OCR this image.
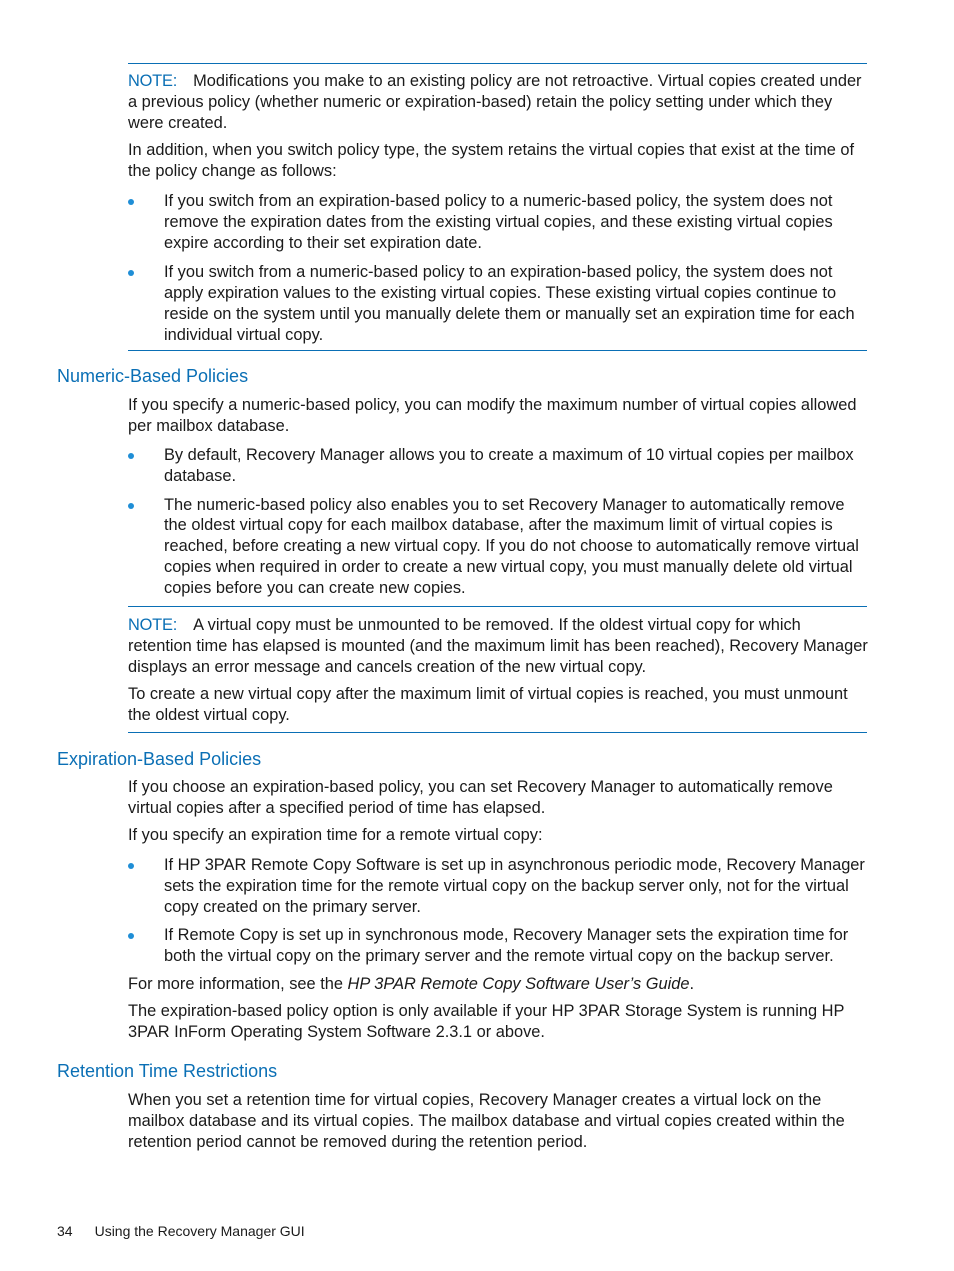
NOTE: Modifications you make to an existing policy are not retroactive. Virtual copies created under a previous policy (whether numeric or expiration-based) retain the policy setting under which they were created.

In addition, when you switch policy type, the system retains the virtual copies that exist at the time of the policy change as follows:

If you switch from an expiration-based policy to a numeric-based policy, the system does not remove the expiration dates from the existing virtual copies, and these existing virtual copies expire according to their set expiration date.
If you switch from a numeric-based policy to an expiration-based policy, the system does not apply expiration values to the existing virtual copies. These existing virtual copies continue to reside on the system until you manually delete them or manually set an expiration time for each individual virtual copy.
Numeric-Based Policies

If you specify a numeric-based policy, you can modify the maximum number of virtual copies allowed per mailbox database.

By default, Recovery Manager allows you to create a maximum of 10 virtual copies per mailbox database.
The numeric-based policy also enables you to set Recovery Manager to automatically remove the oldest virtual copy for each mailbox database, after the maximum limit of virtual copies is reached, before creating a new virtual copy. If you do not choose to automatically remove virtual copies when required in order to create a new virtual copy, you must manually delete old virtual copies before you can create new copies.

NOTE: A virtual copy must be unmounted to be removed. If the oldest virtual copy for which retention time has elapsed is mounted (and the maximum limit has been reached), Recovery Manager displays an error message and cancels creation of the new virtual copy.

To create a new virtual copy after the maximum limit of virtual copies is reached, you must unmount the oldest virtual copy.

Expiration-Based Policies

If you choose an expiration-based policy, you can set Recovery Manager to automatically remove virtual copies after a specified period of time has elapsed.

If you specify an expiration time for a remote virtual copy:

If HP 3PAR Remote Copy Software is set up in asynchronous periodic mode, Recovery Manager sets the expiration time for the remote virtual copy on the backup server only, not for the virtual copy created on the primary server.
If Remote Copy is set up in synchronous mode, Recovery Manager sets the expiration time for both the virtual copy on the primary server and the remote virtual copy on the backup server.

For more information, see the HP 3PAR Remote Copy Software User’s Guide.

The expiration-based policy option is only available if your HP 3PAR Storage System is running HP 3PAR InForm Operating System Software 2.3.1 or above.

Retention Time Restrictions

When you set a retention time for virtual copies, Recovery Manager creates a virtual lock on the mailbox database and its virtual copies. The mailbox database and virtual copies created within the retention period cannot be removed during the retention period.

34 Using the Recovery Manager GUI
